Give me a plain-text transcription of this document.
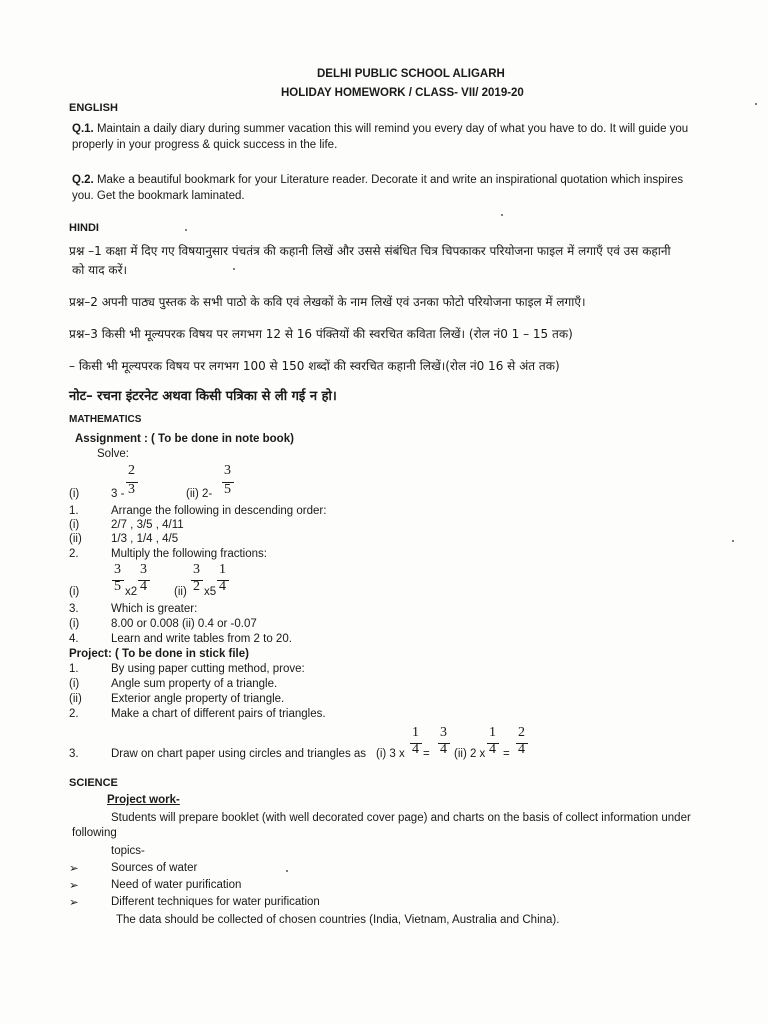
DELHI PUBLIC SCHOOL ALIGARH
HOLIDAY HOMEWORK / CLASS- VII/ 2019-20
ENGLISH
Q.1. Maintain a daily diary during summer vacation this will remind you every day of what you have to do. It will guide you
properly in your progress & quick success in the life.
Q.2. Make a beautiful bookmark for your Literature reader. Decorate it and write an inspirational quotation which inspires
you. Get the bookmark laminated.
HINDI
प्रश्न –1 कक्षा में दिए गए विषयानुसार पंचतंत्र की कहानी लिखें और उससे संबंधित चित्र चिपकाकर परियोजना फाइल में लगाएँ एवं उस कहानी
को याद करें।
प्रश्न–2 अपनी पाठ्य पुस्तक के सभी पाठो के कवि एवं लेखकों के नाम लिखें एवं उनका फोटो परियोजना फाइल में लगाएँ।
प्रश्न–3 किसी भी मूल्यपरक विषय पर लगभग 12 से 16 पंक्तियों की स्वरचित कविता लिखें। (रोल नं0 1 – 15 तक)
– किसी भी मूल्यपरक विषय पर लगभग 100 से 150 शब्दों की स्वरचित कहानी लिखें।(रोल नं0 16 से अंत तक)
नोट– रचना इंटरनेट अथवा किसी पत्रिका से ली गई न हो।
MATHEMATICS
Assignment : ( To be done in note book)
Solve:
(i)	3 -
2
3	(ii) 2-
3
5
1.	Arrange the following in descending order:
(i)	2/7 , 3/5 , 4/11
(ii)	1/3 , 1/4 , 4/5
2.	Multiply the following fractions:
(i)
3
5 x2
3
4 (ii)
3
2 x5
1
4
3.	Which is greater:
(i)	8.00 or 0.008 (ii) 0.4 or -0.07
4.	Learn and write tables from 2 to 20.
Project: ( To be done in stick file)
1.	By using paper cutting method, prove:
(i)	Angle sum property of a triangle.
(ii)	Exterior angle property of triangle.
2.	Make a chart of different pairs of triangles.
3.	Draw on chart paper using circles and triangles as (i) 3 x
1
4 =
3
4 (ii) 2 x
1
4 =
2
4
SCIENCE
Project work-
Students will prepare booklet (with well decorated cover page) and charts on the basis of collect information under
following
topics-
➢	Sources of water
➢	Need of water purification
➢	Different techniques for water purification
The data should be collected of chosen countries (India, Vietnam, Australia and China).
